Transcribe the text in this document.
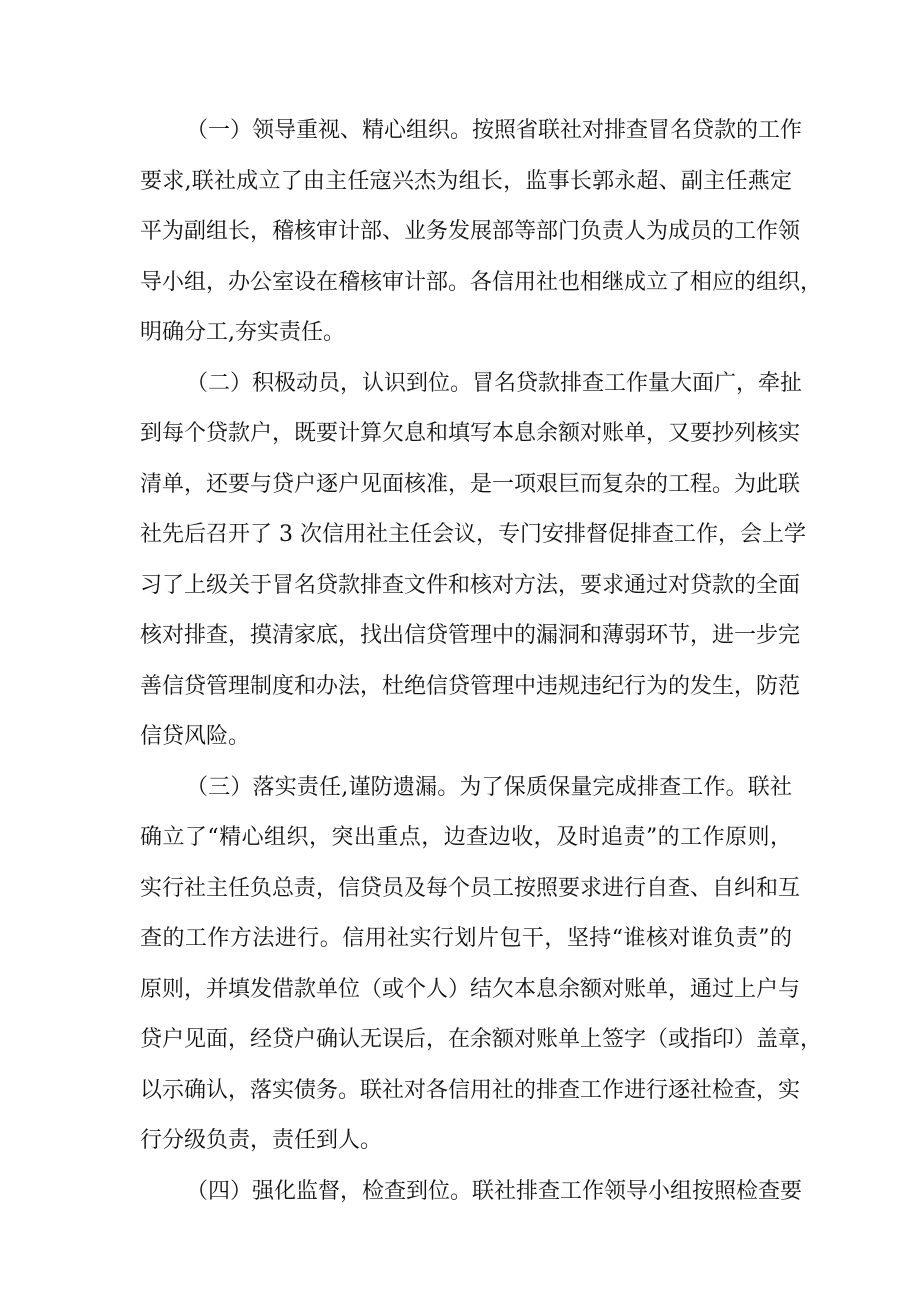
（一）领导重视、精心组织。按照省联社对排查冒名贷款的工作
要求,联社成立了由主任寇兴杰为组长，监事长郭永超、副主任燕定
平为副组长，稽核审计部、业务发展部等部门负责人为成员的工作领
导小组，办公室设在稽核审计部。各信用社也相继成立了相应的组织，
明确分工,夯实责任。
（二）积极动员，认识到位。冒名贷款排查工作量大面广，牵扯
到每个贷款户，既要计算欠息和填写本息余额对账单，又要抄列核实
清单，还要与贷户逐户见面核准，是一项艰巨而复杂的工程。为此联
社先后召开了 3 次信用社主任会议，专门安排督促排查工作，会上学
习了上级关于冒名贷款排查文件和核对方法，要求通过对贷款的全面
核对排查，摸清家底，找出信贷管理中的漏洞和薄弱环节，进一步完
善信贷管理制度和办法，杜绝信贷管理中违规违纪行为的发生，防范
信贷风险。
（三）落实责任,谨防遗漏。为了保质保量完成排查工作。联社
确立了“精心组织，突出重点，边查边收，及时追责”的工作原则，
实行社主任负总责，信贷员及每个员工按照要求进行自查、自纠和互
查的工作方法进行。信用社实行划片包干，坚持“谁核对谁负责”的
原则，并填发借款单位（或个人）结欠本息余额对账单，通过上户与
贷户见面，经贷户确认无误后，在余额对账单上签字（或指印）盖章，
以示确认，落实债务。联社对各信用社的排查工作进行逐社检查，实
行分级负责，责任到人。
（四）强化监督，检查到位。联社排查工作领导小组按照检查要
